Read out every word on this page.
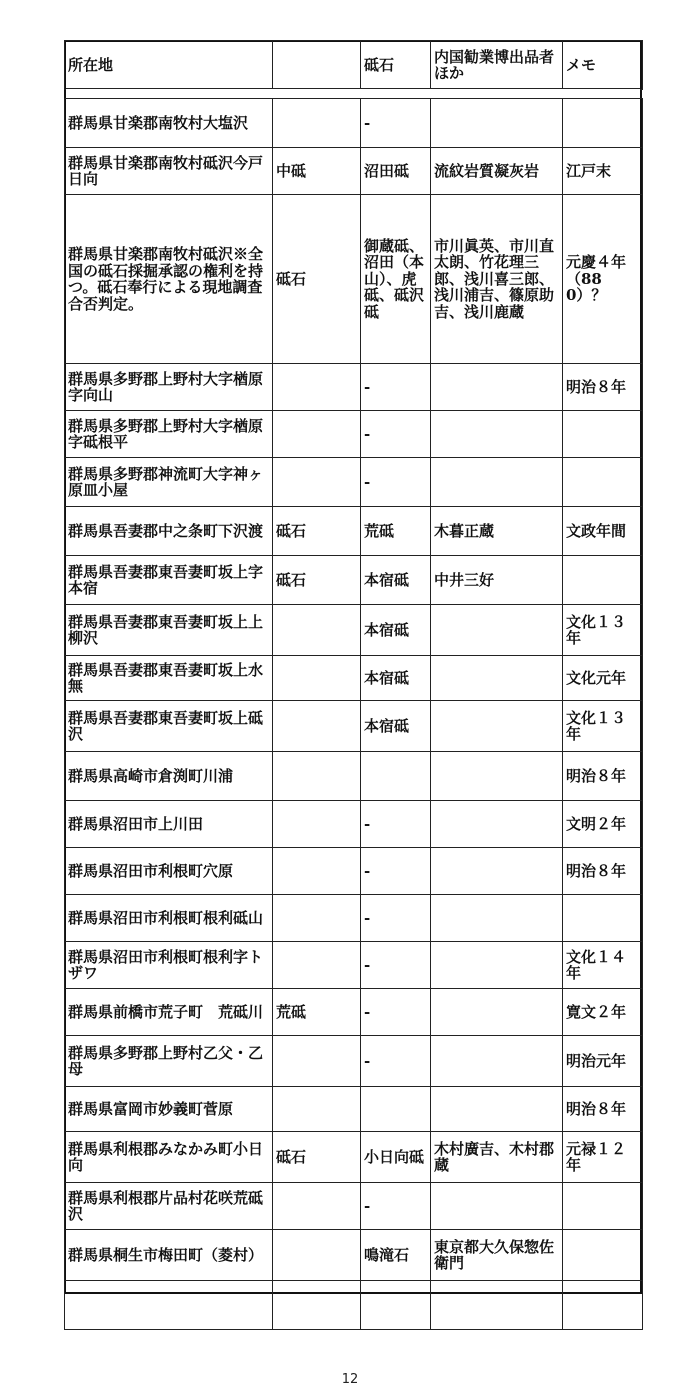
所在地		砥石	内国勧業博出品者ほか	メモ
群馬県甘楽郡南牧村大塩沢		-		
群馬県甘楽郡南牧村砥沢今戸日向	中砥	沼田砥	流紋岩質凝灰岩	江戸末
群馬県甘楽郡南牧村砥沢※全国の砥石採掘承認の権利を持つ。砥石奉行による現地調査合否判定。	砥石	御蔵砥、沼田（本山）、虎砥、砥沢砥	市川眞英、市川直太朗、竹花理三郎、浅川喜三郎、浅川浦吉、篠原助吉、浅川鹿蔵	元慶４年（880）？
群馬県多野郡上野村大字楢原字向山		-		明治８年
群馬県多野郡上野村大字楢原字砥根平		-		
群馬県多野郡神流町大字神ヶ原皿小屋		-		
群馬県吾妻郡中之条町下沢渡	砥石	荒砥	木暮正蔵	文政年間
群馬県吾妻郡東吾妻町坂上字本宿	砥石	本宿砥	中井三好	
群馬県吾妻郡東吾妻町坂上上柳沢		本宿砥		文化１３年
群馬県吾妻郡東吾妻町坂上水無		本宿砥		文化元年
群馬県吾妻郡東吾妻町坂上砥沢		本宿砥		文化１３年
群馬県高崎市倉渕町川浦				明治８年
群馬県沼田市上川田		-		文明２年
群馬県沼田市利根町穴原		-		明治８年
群馬県沼田市利根町根利砥山		-		
群馬県沼田市利根町根利字トザワ		-		文化１４年
群馬県前橋市荒子町　荒砥川	荒砥	-		寛文２年
群馬県多野郡上野村乙父・乙母		-		明治元年
群馬県富岡市妙義町菅原				明治８年
群馬県利根郡みなかみ町小日向	砥石	小日向砥	木村廣吉、木村郡蔵	元禄１２年
群馬県利根郡片品村花咲荒砥沢		-		
群馬県桐生市梅田町（菱村）		鳴滝石	東京都大久保惣佐衛門	

12
